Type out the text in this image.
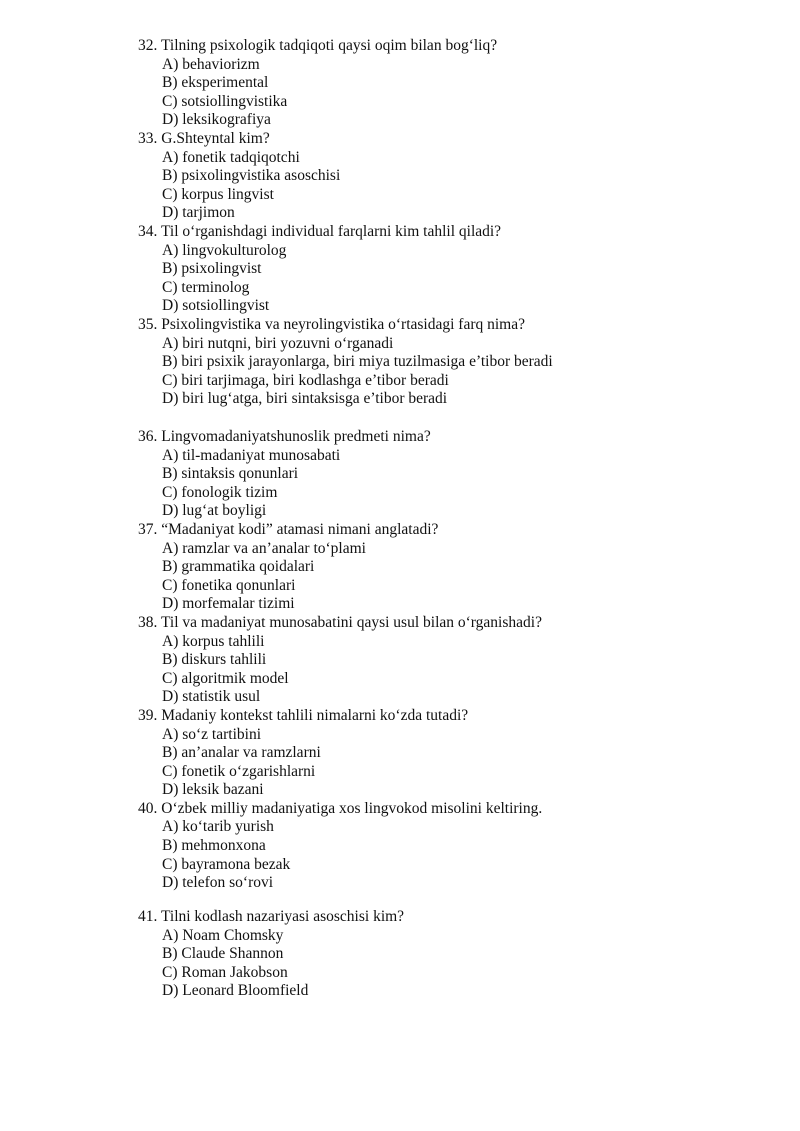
32. Tilning psixologik tadqiqoti qaysi oqim bilan bog‘liq?
A) behaviorizm
B) eksperimental
C) sotsiollingvistika
D) leksikografiya
33. G.Shteyntal kim?
A) fonetik tadqiqotchi
B) psixolingvistika asoschisi
C) korpus lingvist
D) tarjimon
34. Til o‘rganishdagi individual farqlarni kim tahlil qiladi?
A) lingvokulturolog
B) psixolingvist
C) terminolog
D) sotsiollingvist
35. Psixolingvistika va neyrolingvistika o‘rtasidagi farq nima?
A) biri nutqni, biri yozuvni o‘rganadi
B) biri psixik jarayonlarga, biri miya tuzilmasiga e’tibor beradi
C) biri tarjimaga, biri kodlashga e’tibor beradi
D) biri lug‘atga, biri sintaksisga e’tibor beradi
36. Lingvomadaniyatshunoslik predmeti nima?
A) til-madaniyat munosabati
B) sintaksis qonunlari
C) fonologik tizim
D) lug‘at boyligi
37. “Madaniyat kodi” atamasi nimani anglatadi?
A) ramzlar va an’analar to‘plami
B) grammatika qoidalari
C) fonetika qonunlari
D) morfemalar tizimi
38. Til va madaniyat munosabatini qaysi usul bilan o‘rganishadi?
A) korpus tahlili
B) diskurs tahlili
C) algoritmik model
D) statistik usul
39. Madaniy kontekst tahlili nimalarni ko‘zda tutadi?
A) so‘z tartibini
B) an’analar va ramzlarni
C) fonetik o‘zgarishlarni
D) leksik bazani
40. O‘zbek milliy madaniyatiga xos lingvokod misolini keltiring.
A) ko‘tarib yurish
B) mehmonxona
C) bayramona bezak
D) telefon so‘rovi
41. Tilni kodlash nazariyasi asoschisi kim?
A) Noam Chomsky
B) Claude Shannon
C) Roman Jakobson
D) Leonard Bloomfield
